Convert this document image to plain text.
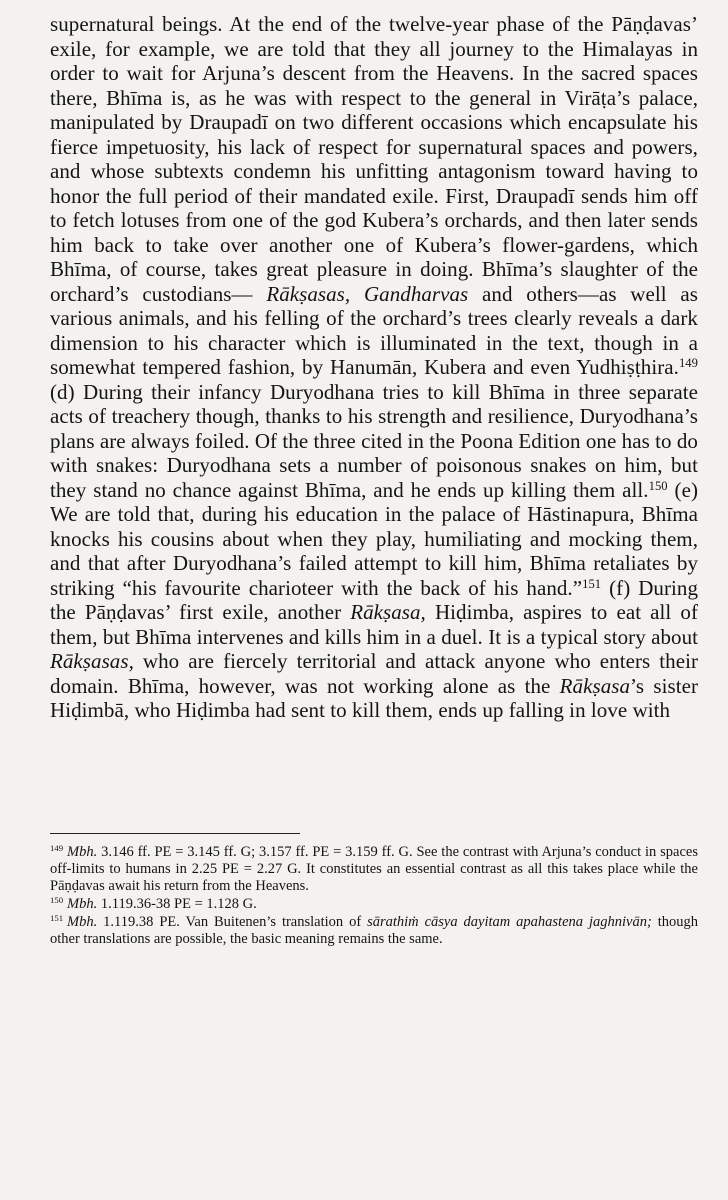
supernatural beings. At the end of the twelve-year phase of the Pāṇḍavas’ exile, for example, we are told that they all journey to the Himalayas in order to wait for Arjuna’s descent from the Heavens. In the sacred spaces there, Bhīma is, as he was with respect to the general in Virāṭa’s palace, manipulated by Draupadī on two different occasions which encapsulate his fierce impetuosity, his lack of respect for supernatural spaces and powers, and whose subtexts condemn his unfitting antagonism toward having to honor the full period of their mandated exile. First, Draupadī sends him off to fetch lotuses from one of the god Kubera’s orchards, and then later sends him back to take over another one of Kubera’s flower-gardens, which Bhīma, of course, takes great pleasure in doing. Bhīma’s slaughter of the orchard’s custodians— Rākṣasas, Gandharvas and others—as well as various animals, and his felling of the orchard’s trees clearly reveals a dark dimension to his character which is illuminated in the text, though in a somewhat tempered fashion, by Hanumān, Kubera and even Yudhiṣṭhira.$^{149}$ (d) During their infancy Duryodhana tries to kill Bhīma in three separate acts of treachery though, thanks to his strength and resilience, Duryodhana’s plans are always foiled. Of the three cited in the Poona Edition one has to do with snakes: Duryodhana sets a number of poisonous snakes on him, but they stand no chance against Bhīma, and he ends up killing them all.$^{150}$ (e) We are told that, during his education in the palace of Hāstinapura, Bhīma knocks his cousins about when they play, humiliating and mocking them, and that after Duryodhana’s failed attempt to kill him, Bhīma retaliates by striking “his favourite charioteer with the back of his hand.”$^{151}$ (f) During the Pāṇḍavas’ first exile, another Rākṣasa, Hiḍimba, aspires to eat all of them, but Bhīma intervenes and kills him in a duel. It is a typical story about Rākṣasas, who are fiercely territorial and attack anyone who enters their domain. Bhīma, however, was not working alone as the Rākṣasa’s sister Hiḍimbā, who Hiḍimba had sent to kill them, ends up falling in love with

$^{149}$ Mbh. 3.146 ff. PE = 3.145 ff. G; 3.157 ff. PE = 3.159 ff. G. See the contrast with Arjuna’s conduct in spaces off-limits to humans in 2.25 PE = 2.27 G. It constitutes an essential contrast as all this takes place while the Pāṇḍavas await his return from the Heavens.

$^{150}$ Mbh. 1.119.36-38 PE = 1.128 G.

$^{151}$ Mbh. 1.119.38 PE. Van Buitenen’s translation of sārathiṁ cāsya dayitam apahastena jaghnivān; though other translations are possible, the basic meaning remains the same.
